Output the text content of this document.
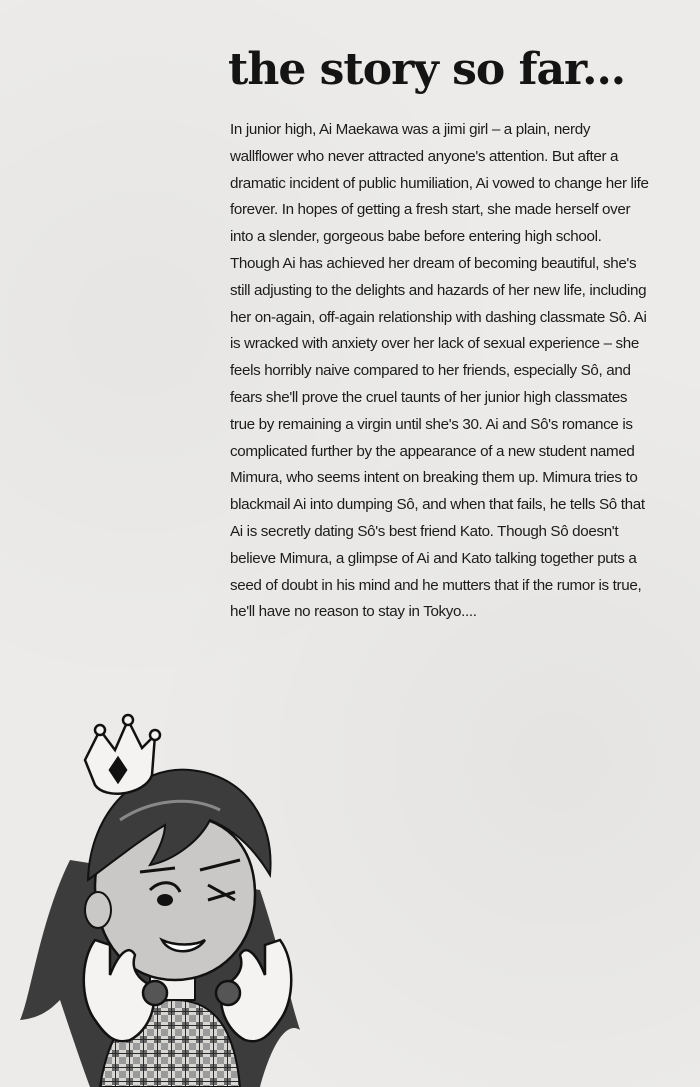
the story so far...

In junior high, Ai Maekawa was a jimi girl – a plain, nerdy wallflower who never attracted anyone's attention. But after a dramatic incident of public humiliation, Ai vowed to change her life forever. In hopes of getting a fresh start, she made herself over into a slender, gorgeous babe before entering high school. Though Ai has achieved her dream of becoming beautiful, she's still adjusting to the delights and hazards of her new life, including her on-again, off-again relationship with dashing classmate Sô. Ai is wracked with anxiety over her lack of sexual experience – she feels horribly naive compared to her friends, especially Sô, and fears she'll prove the cruel taunts of her junior high classmates true by remaining a virgin until she's 30. Ai and Sô's romance is complicated further by the appearance of a new student named Mimura, who seems intent on breaking them up. Mimura tries to blackmail Ai into dumping Sô, and when that fails, he tells Sô that Ai is secretly dating Sô's best friend Kato. Though Sô doesn't believe Mimura, a glimpse of Ai and Kato talking together puts a seed of doubt in his mind and he mutters that if the rumor is true, he'll have no reason to stay in Tokyo....
